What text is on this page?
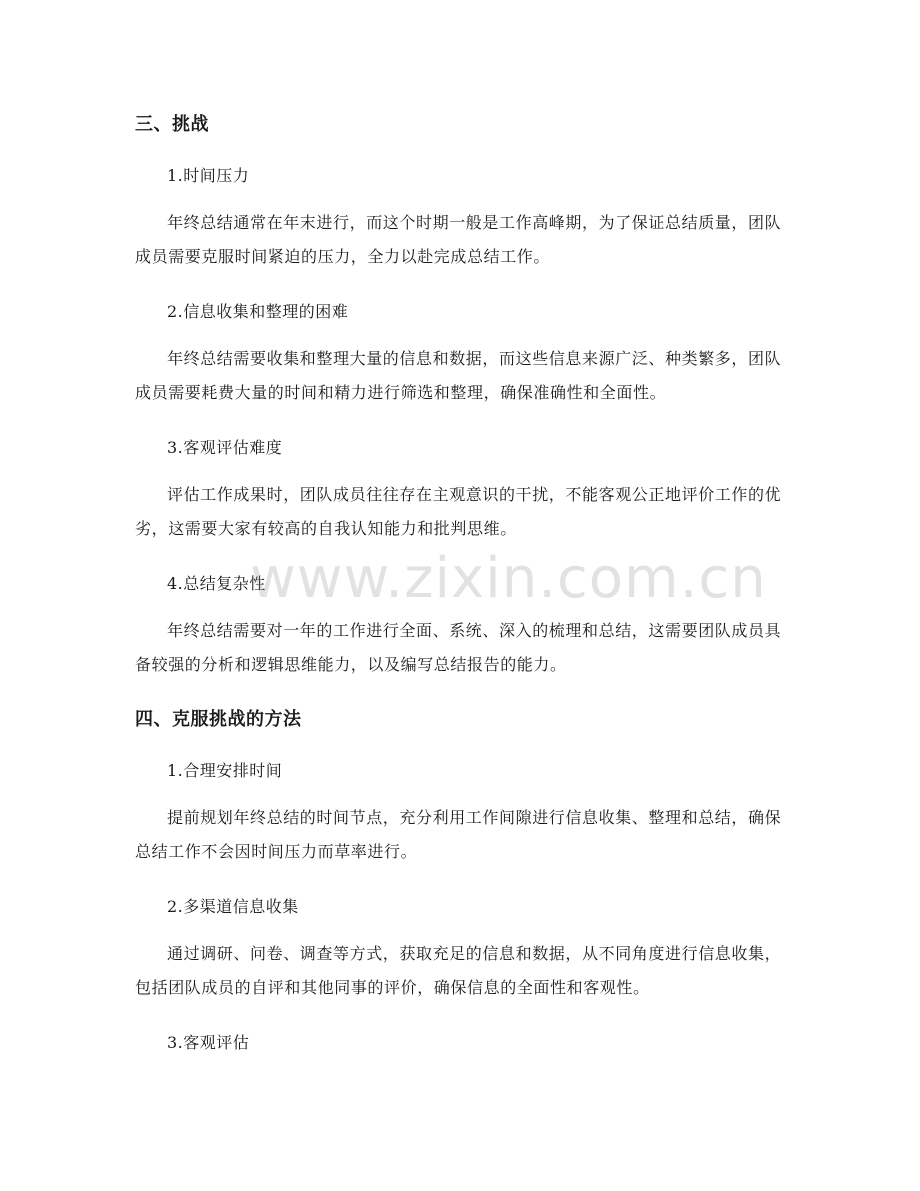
三、挑战

1.时间压力

年终总结通常在年末进行，而这个时期一般是工作高峰期，为了保证总结质量，团队成员需要克服时间紧迫的压力，全力以赴完成总结工作。

2.信息收集和整理的困难

年终总结需要收集和整理大量的信息和数据，而这些信息来源广泛、种类繁多，团队成员需要耗费大量的时间和精力进行筛选和整理，确保准确性和全面性。

3.客观评估难度

评估工作成果时，团队成员往往存在主观意识的干扰，不能客观公正地评价工作的优劣，这需要大家有较高的自我认知能力和批判思维。

4.总结复杂性

年终总结需要对一年的工作进行全面、系统、深入的梳理和总结，这需要团队成员具备较强的分析和逻辑思维能力，以及编写总结报告的能力。

四、克服挑战的方法

1.合理安排时间

提前规划年终总结的时间节点，充分利用工作间隙进行信息收集、整理和总结，确保总结工作不会因时间压力而草率进行。

2.多渠道信息收集

通过调研、问卷、调查等方式，获取充足的信息和数据，从不同角度进行信息收集，包括团队成员的自评和其他同事的评价，确保信息的全面性和客观性。

3.客观评估

www.zixin.com.cn
